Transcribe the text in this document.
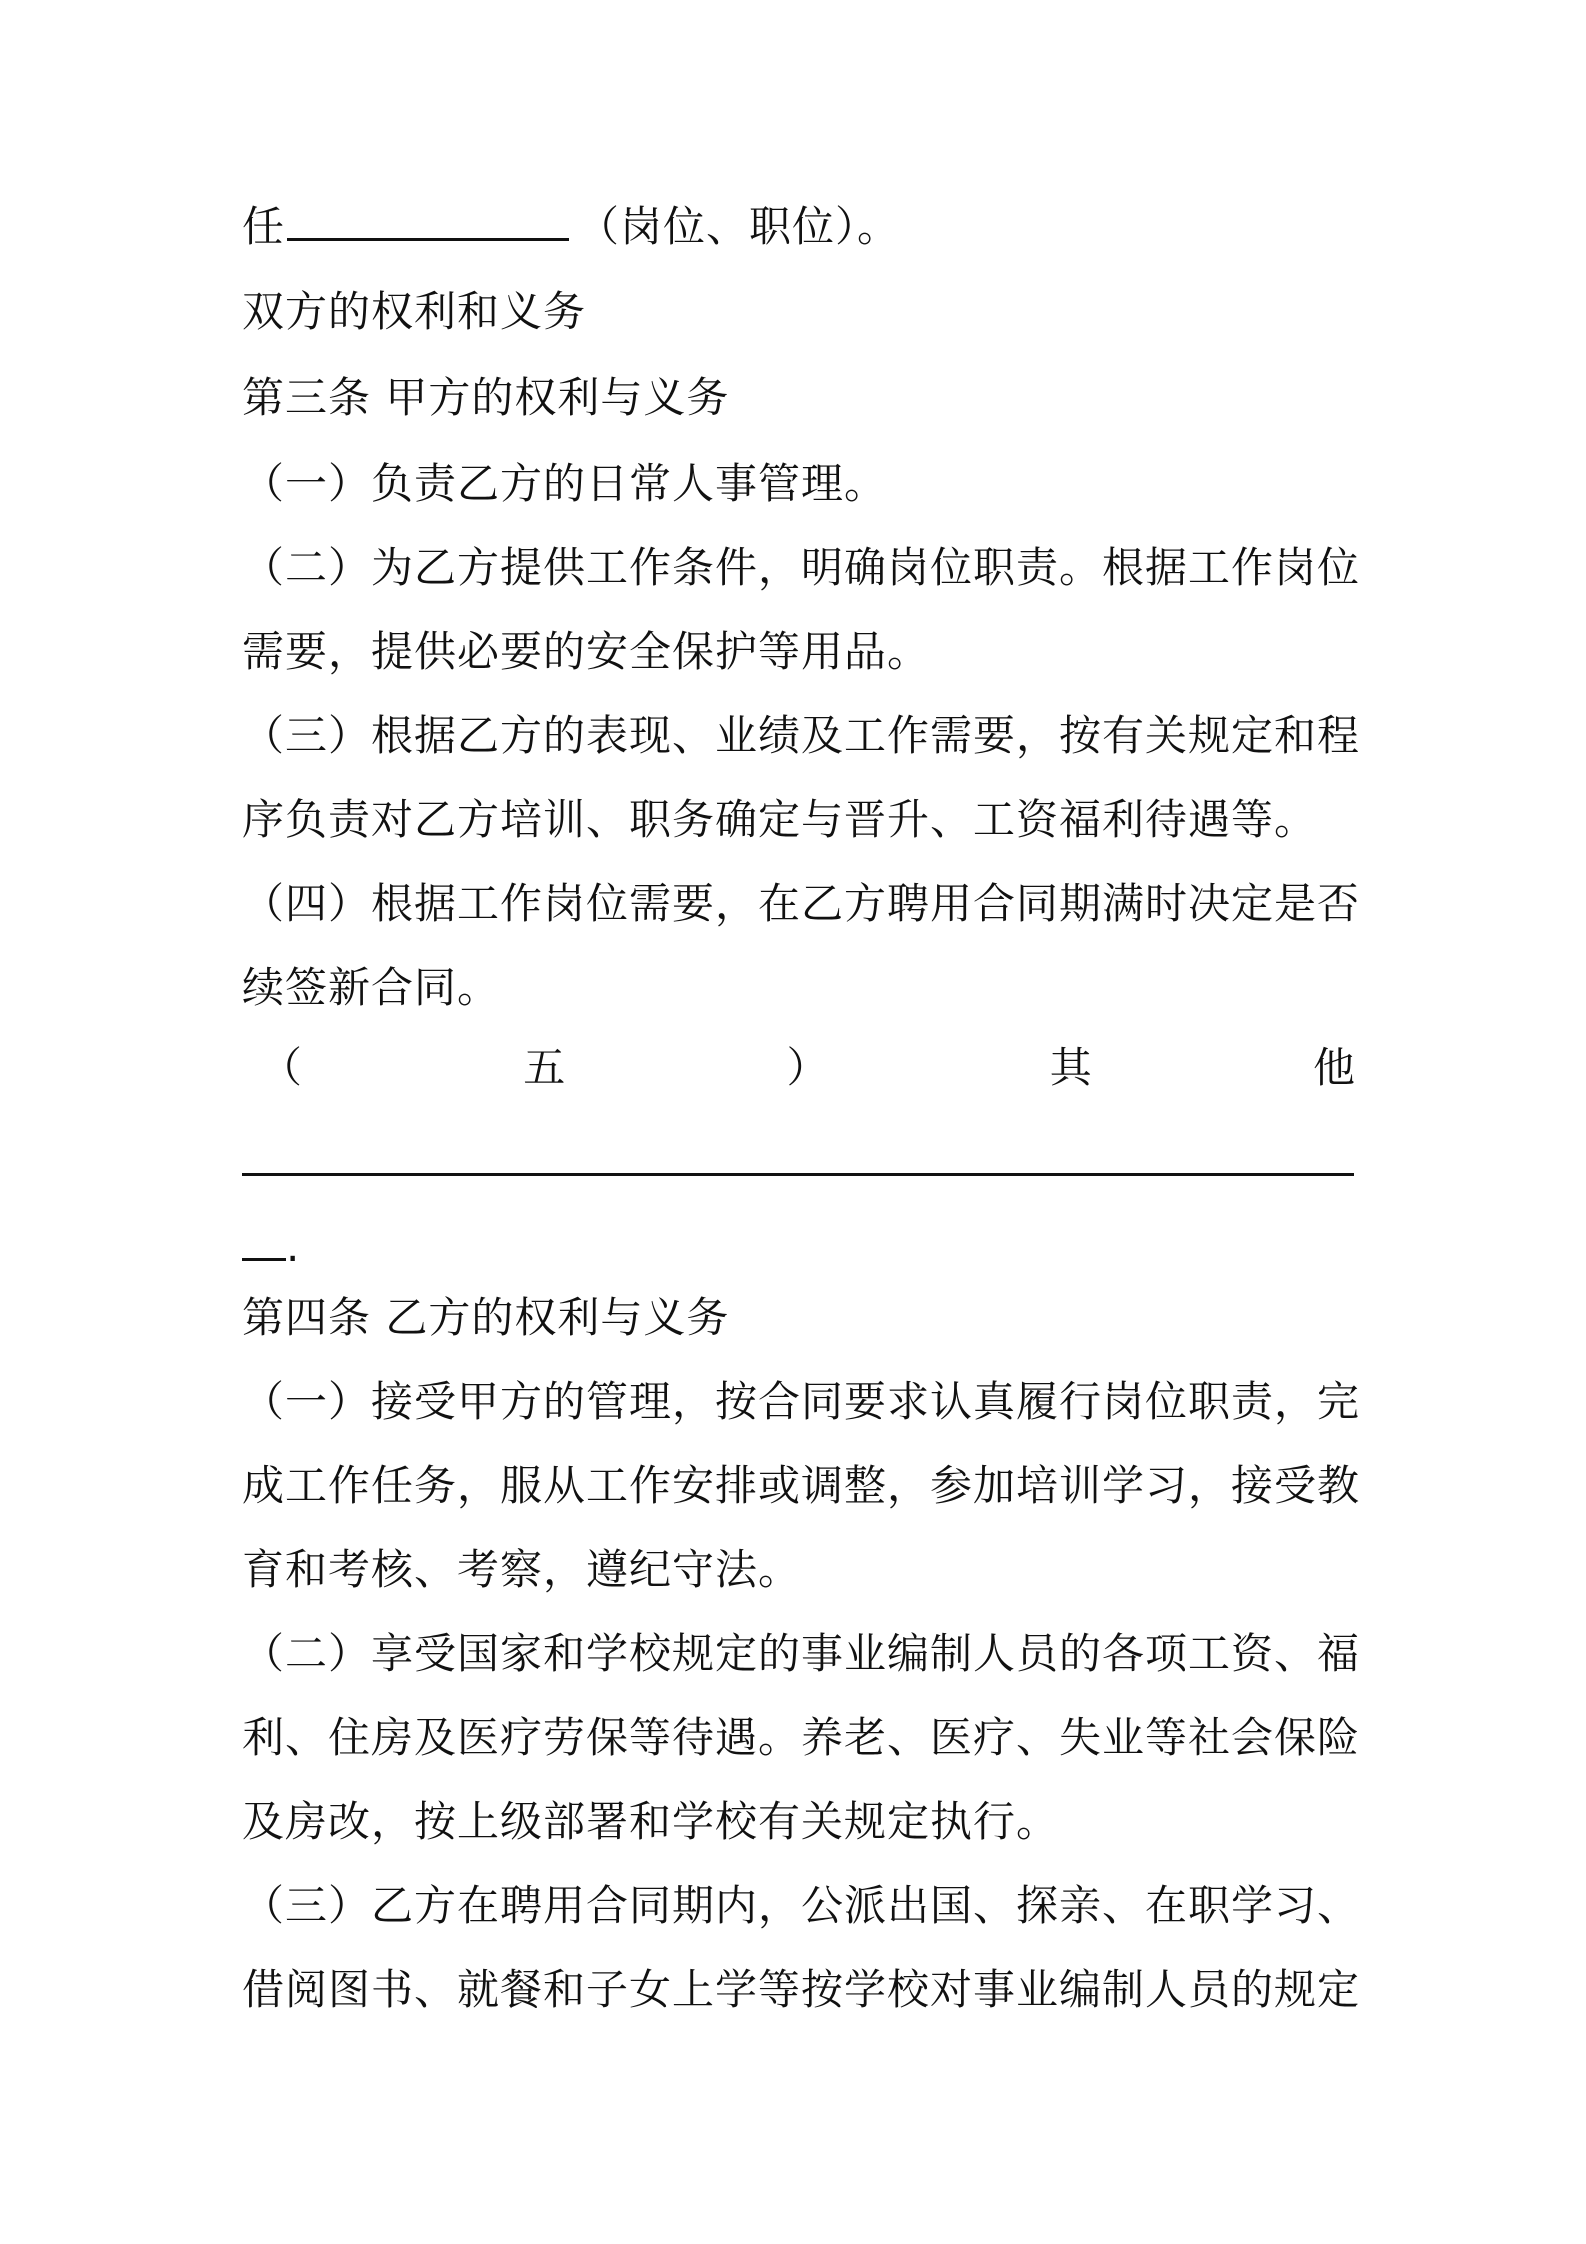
任	（岗位、职位）。
双方的权利和义务
第三条 甲方的权利与义务
（一）负责乙方的日常人事管理。
（二）为乙方提供工作条件，明确岗位职责。根据工作岗位
需要，提供必要的安全保护等用品。
（三）根据乙方的表现、业绩及工作需要，按有关规定和程
序负责对乙方培训、职务确定与晋升、工资福利待遇等。
（四）根据工作岗位需要，在乙方聘用合同期满时决定是否
续签新合同。
（	五	）	其	他
.
第四条 乙方的权利与义务
（一）接受甲方的管理，按合同要求认真履行岗位职责，完
成工作任务，服从工作安排或调整，参加培训学习，接受教
育和考核、考察，遵纪守法。
（二）享受国家和学校规定的事业编制人员的各项工资、福
利、住房及医疗劳保等待遇。养老、医疗、失业等社会保险
及房改，按上级部署和学校有关规定执行。
（三）乙方在聘用合同期内，公派出国、探亲、在职学习、
借阅图书、就餐和子女上学等按学校对事业编制人员的规定
